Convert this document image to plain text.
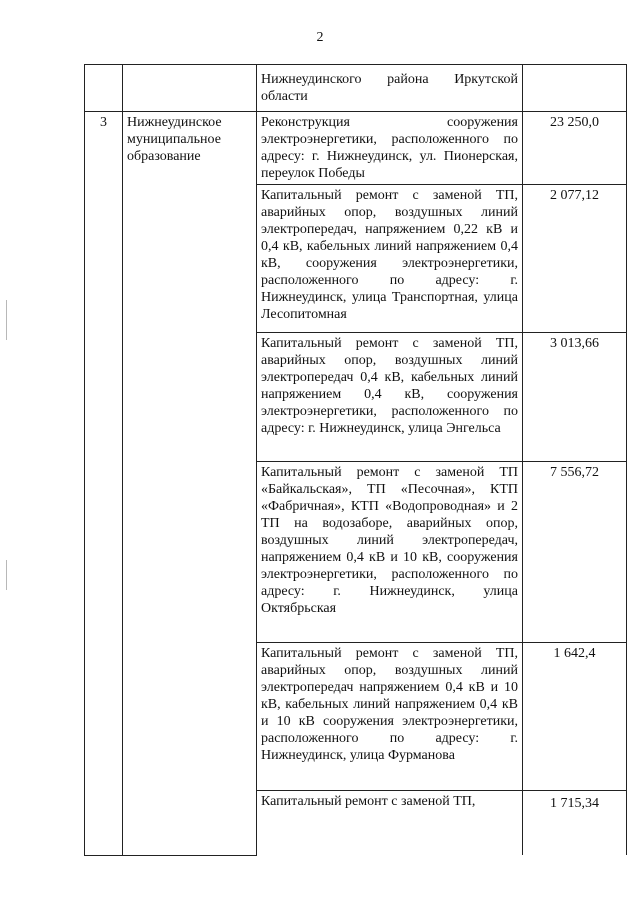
2
		Нижнеудинского района Иркутской области	
3	Нижнеудинское муниципальное образование	Реконструкция сооружения электроэнергетики, расположенного по адресу: г. Нижнеудинск, ул. Пионерская, переулок Победы	23 250,0
		Капитальный ремонт с заменой ТП, аварийных опор, воздушных линий электропередач, напряжением 0,22 кВ и 0,4 кВ, кабельных линий напряжением 0,4 кВ, сооружения электроэнергетики, расположенного по адресу: г. Нижнеудинск, улица Транспортная, улица Лесопитомная	2 077,12
		Капитальный ремонт с заменой ТП, аварийных опор, воздушных линий электропередач 0,4 кВ, кабельных линий напряжением 0,4 кВ, сооружения электроэнергетики, расположенного по адресу: г. Нижнеудинск, улица Энгельса	3 013,66
		Капитальный ремонт с заменой ТП «Байкальская», ТП «Песочная», КТП «Фабричная», КТП «Водопроводная» и 2 ТП на водозаборе, аварийных опор, воздушных линий электропередач, напряжением 0,4 кВ и 10 кВ, сооружения электроэнергетики, расположенного по адресу: г. Нижнеудинск, улица Октябрьская	7 556,72
		Капитальный ремонт с заменой ТП, аварийных опор, воздушных линий электропередач напряжением 0,4 кВ и 10 кВ, кабельных линий напряжением 0,4 кВ и 10 кВ сооружения электроэнергетики, расположенного по адресу: г. Нижнеудинск, улица Фурманова	1 642,4
		Капитальный ремонт с заменой ТП,	1 715,34
